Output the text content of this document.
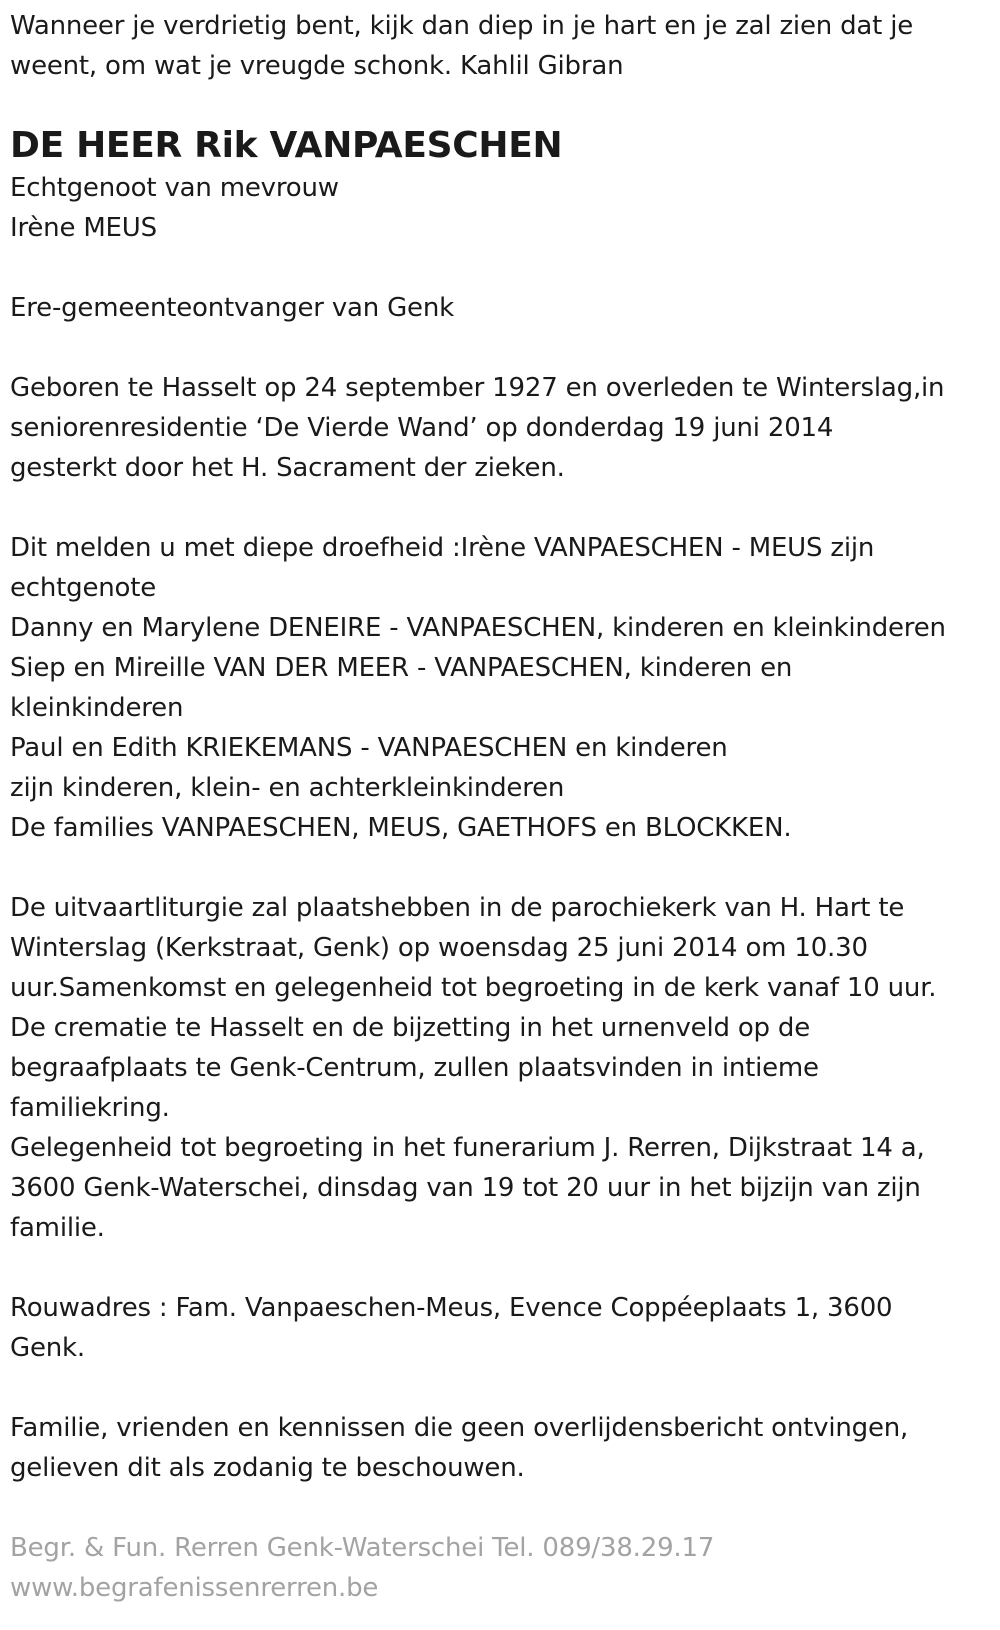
Wanneer je verdrietig bent, kijk dan diep in je hart en je zal zien dat je
weent, om wat je vreugde schonk. Kahlil Gibran
DE HEER Rik VANPAESCHEN
Echtgenoot van mevrouw
Irène MEUS
Ere-gemeenteontvanger van Genk
Geboren te Hasselt op 24 september 1927 en overleden te Winterslag,in
seniorenresidentie ‘De Vierde Wand’ op donderdag 19 juni 2014
gesterkt door het H. Sacrament der zieken.
Dit melden u met diepe droefheid :Irène VANPAESCHEN - MEUS zijn
echtgenote
Danny en Marylene DENEIRE - VANPAESCHEN, kinderen en kleinkinderen
Siep en Mireille VAN DER MEER - VANPAESCHEN, kinderen en
kleinkinderen
Paul en Edith KRIEKEMANS - VANPAESCHEN en kinderen
zijn kinderen, klein- en achterkleinkinderen
De families VANPAESCHEN, MEUS, GAETHOFS en BLOCKKEN.
De uitvaartliturgie zal plaatshebben in de parochiekerk van H. Hart te
Winterslag (Kerkstraat, Genk) op woensdag 25 juni 2014 om 10.30
uur.Samenkomst en gelegenheid tot begroeting in de kerk vanaf 10 uur.
De crematie te Hasselt en de bijzetting in het urnenveld op de
begraafplaats te Genk-Centrum, zullen plaatsvinden in intieme
familiekring.
Gelegenheid tot begroeting in het funerarium J. Rerren, Dijkstraat 14 a,
3600 Genk-Waterschei, dinsdag van 19 tot 20 uur in het bijzijn van zijn
familie.
Rouwadres : Fam. Vanpaeschen-Meus, Evence Coppéeplaats 1, 3600
Genk.
Familie, vrienden en kennissen die geen overlijdensbericht ontvingen,
gelieven dit als zodanig te beschouwen.
Begr. & Fun. Rerren Genk-Waterschei Tel. 089/38.29.17
www.begrafenissenrerren.be
